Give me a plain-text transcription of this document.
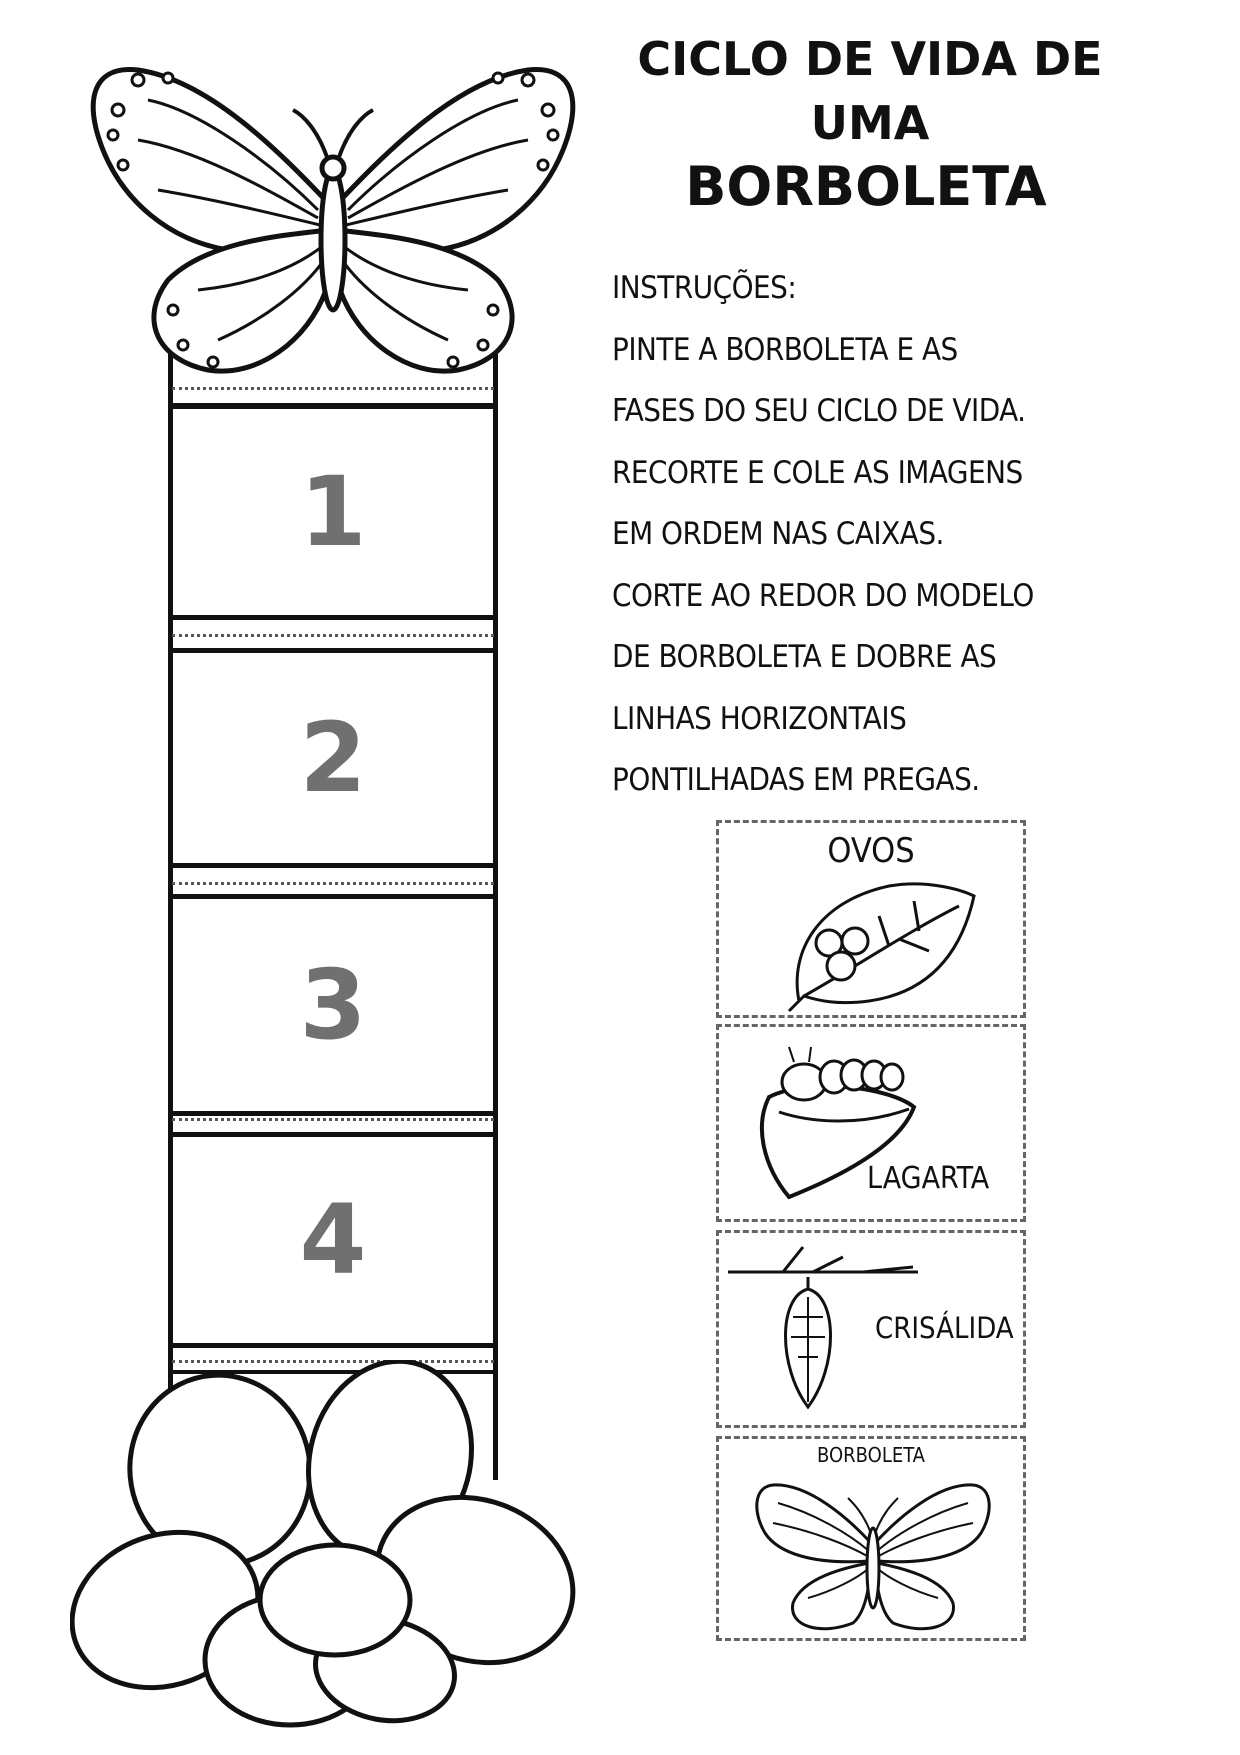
CICLO DE VIDA DE
UMA
BORBOLETA
INSTRUÇÕES:
PINTE A BORBOLETA E AS
FASES DO SEU CICLO DE VIDA.
RECORTE E COLE AS IMAGENS
EM ORDEM NAS CAIXAS.
CORTE AO REDOR DO MODELO
DE BORBOLETA E DOBRE AS
LINHAS HORIZONTAIS
PONTILHADAS EM PREGAS.
1
2
3
4
OVOS
LAGARTA
CRISÁLIDA
BORBOLETA
